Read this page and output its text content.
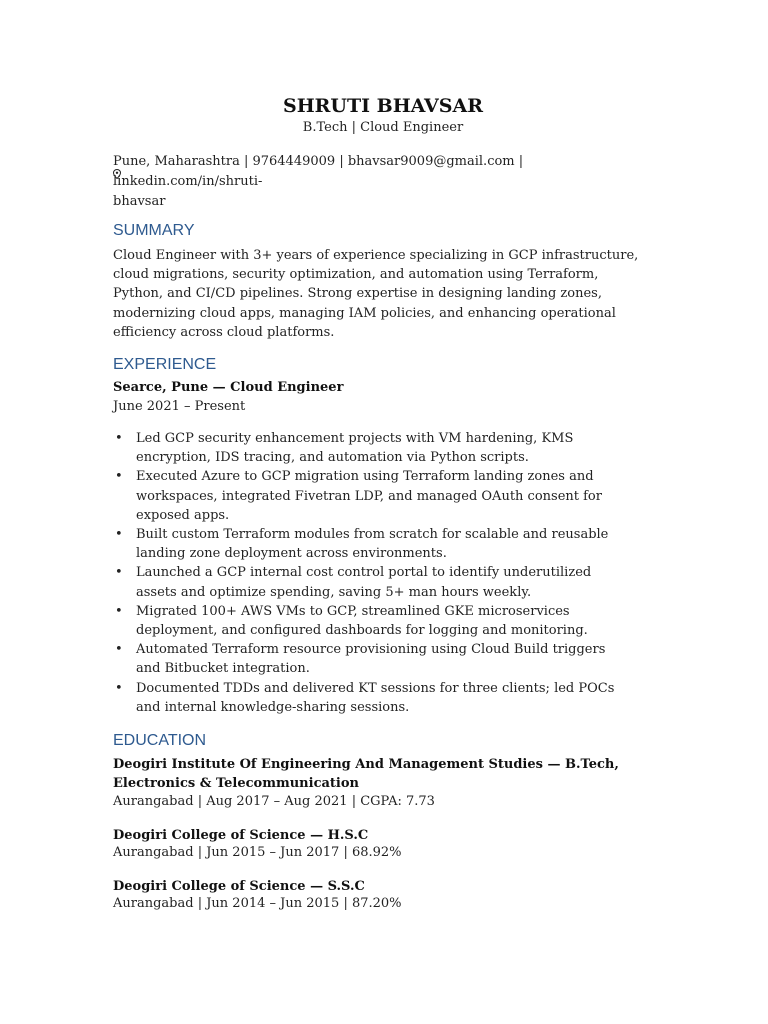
SHRUTI BHAVSAR
B.Tech | Cloud Engineer
Pune, Maharashtra | 9764449009 | bhavsar9009@gmail.com | linkedin.com/in/shruti-
bhavsar
SUMMARY
Cloud Engineer with 3+ years of experience specializing in GCP infrastructure, cloud migrations, security optimization, and automation using Terraform, Python, and CI/CD pipelines. Strong expertise in designing landing zones, modernizing cloud apps, managing IAM policies, and enhancing operational efficiency across cloud platforms.
EXPERIENCE
Searce, Pune — Cloud Engineer
June 2021 – Present
• Led GCP security enhancement projects with VM hardening, KMS encryption, IDS tracing, and automation via Python scripts.
• Executed Azure to GCP migration using Terraform landing zones and workspaces, integrated Fivetran LDP, and managed OAuth consent for exposed apps.
• Built custom Terraform modules from scratch for scalable and reusable landing zone deployment across environments.
• Launched a GCP internal cost control portal to identify underutilized assets and optimize spending, saving 5+ man hours weekly.
• Migrated 100+ AWS VMs to GCP, streamlined GKE microservices deployment, and configured dashboards for logging and monitoring.
• Automated Terraform resource provisioning using Cloud Build triggers and Bitbucket integration.
• Documented TDDs and delivered KT sessions for three clients; led POCs and internal knowledge-sharing sessions.
EDUCATION
Deogiri Institute Of Engineering And Management Studies — B.Tech, Electronics & Telecommunication
Aurangabad | Aug 2017 – Aug 2021 | CGPA: 7.73
Deogiri College of Science — H.S.C
Aurangabad | Jun 2015 – Jun 2017 | 68.92%
Deogiri College of Science — S.S.C
Aurangabad | Jun 2014 – Jun 2015 | 87.20%
